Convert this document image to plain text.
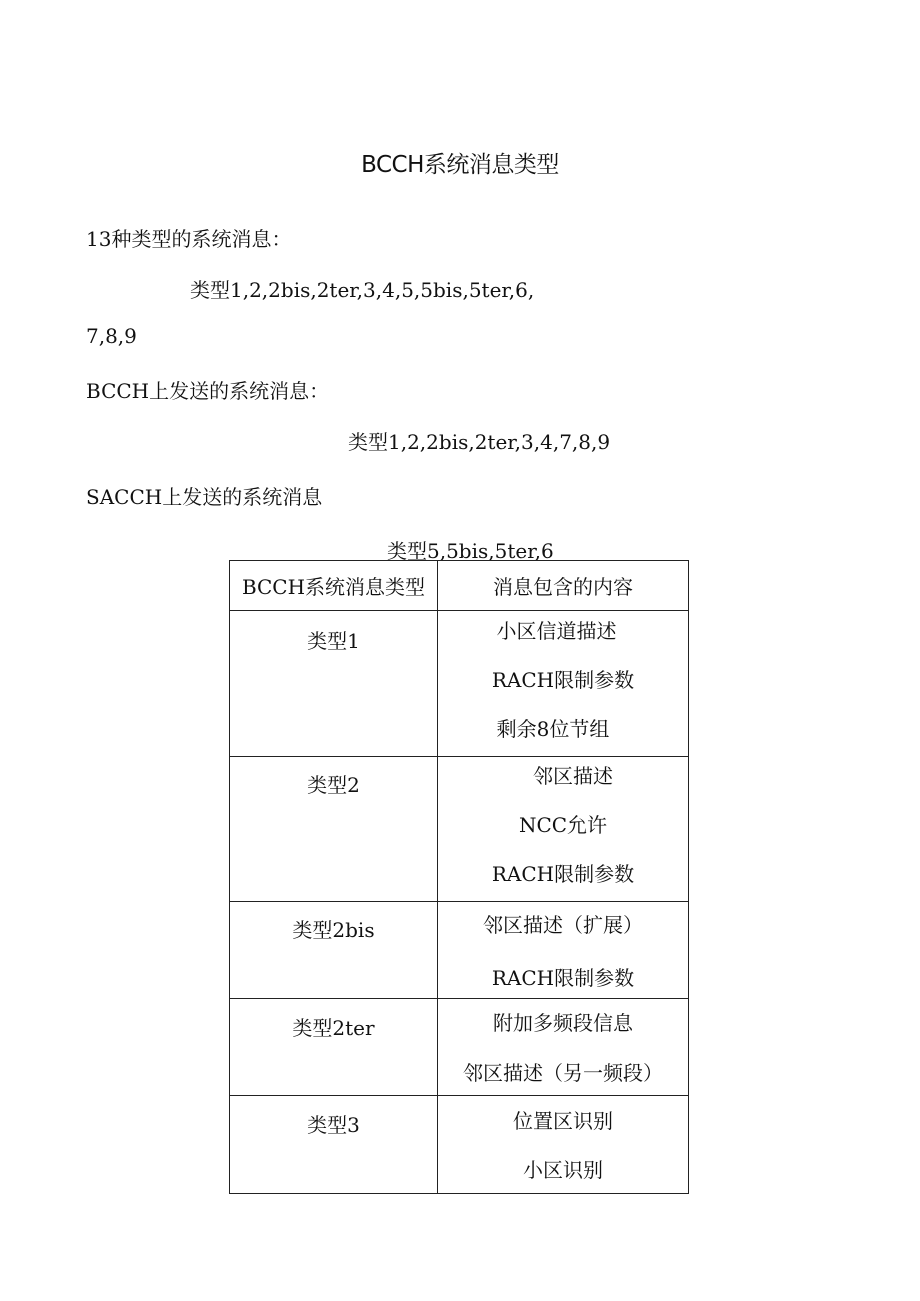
BCCH系统消息类型
13种类型的系统消息：
类型1,2,2bis,2ter,3,4,5,5bis,5ter,6,
7,8,9
BCCH上发送的系统消息：
类型1,2,2bis,2ter,3,4,7,8,9
SACCH上发送的系统消息
类型5,5bis,5ter,6
BCCH系统消息类型	消息包含的内容
类型1	小区信道描述
RACH限制参数
剩余8位节组

类型2	邻区描述
NCC允许
RACH限制参数

类型2bis	邻区描述（扩展）
RACH限制参数

类型2ter	附加多频段信息
邻区描述（另一频段）

类型3	位置区识别
小区识别
